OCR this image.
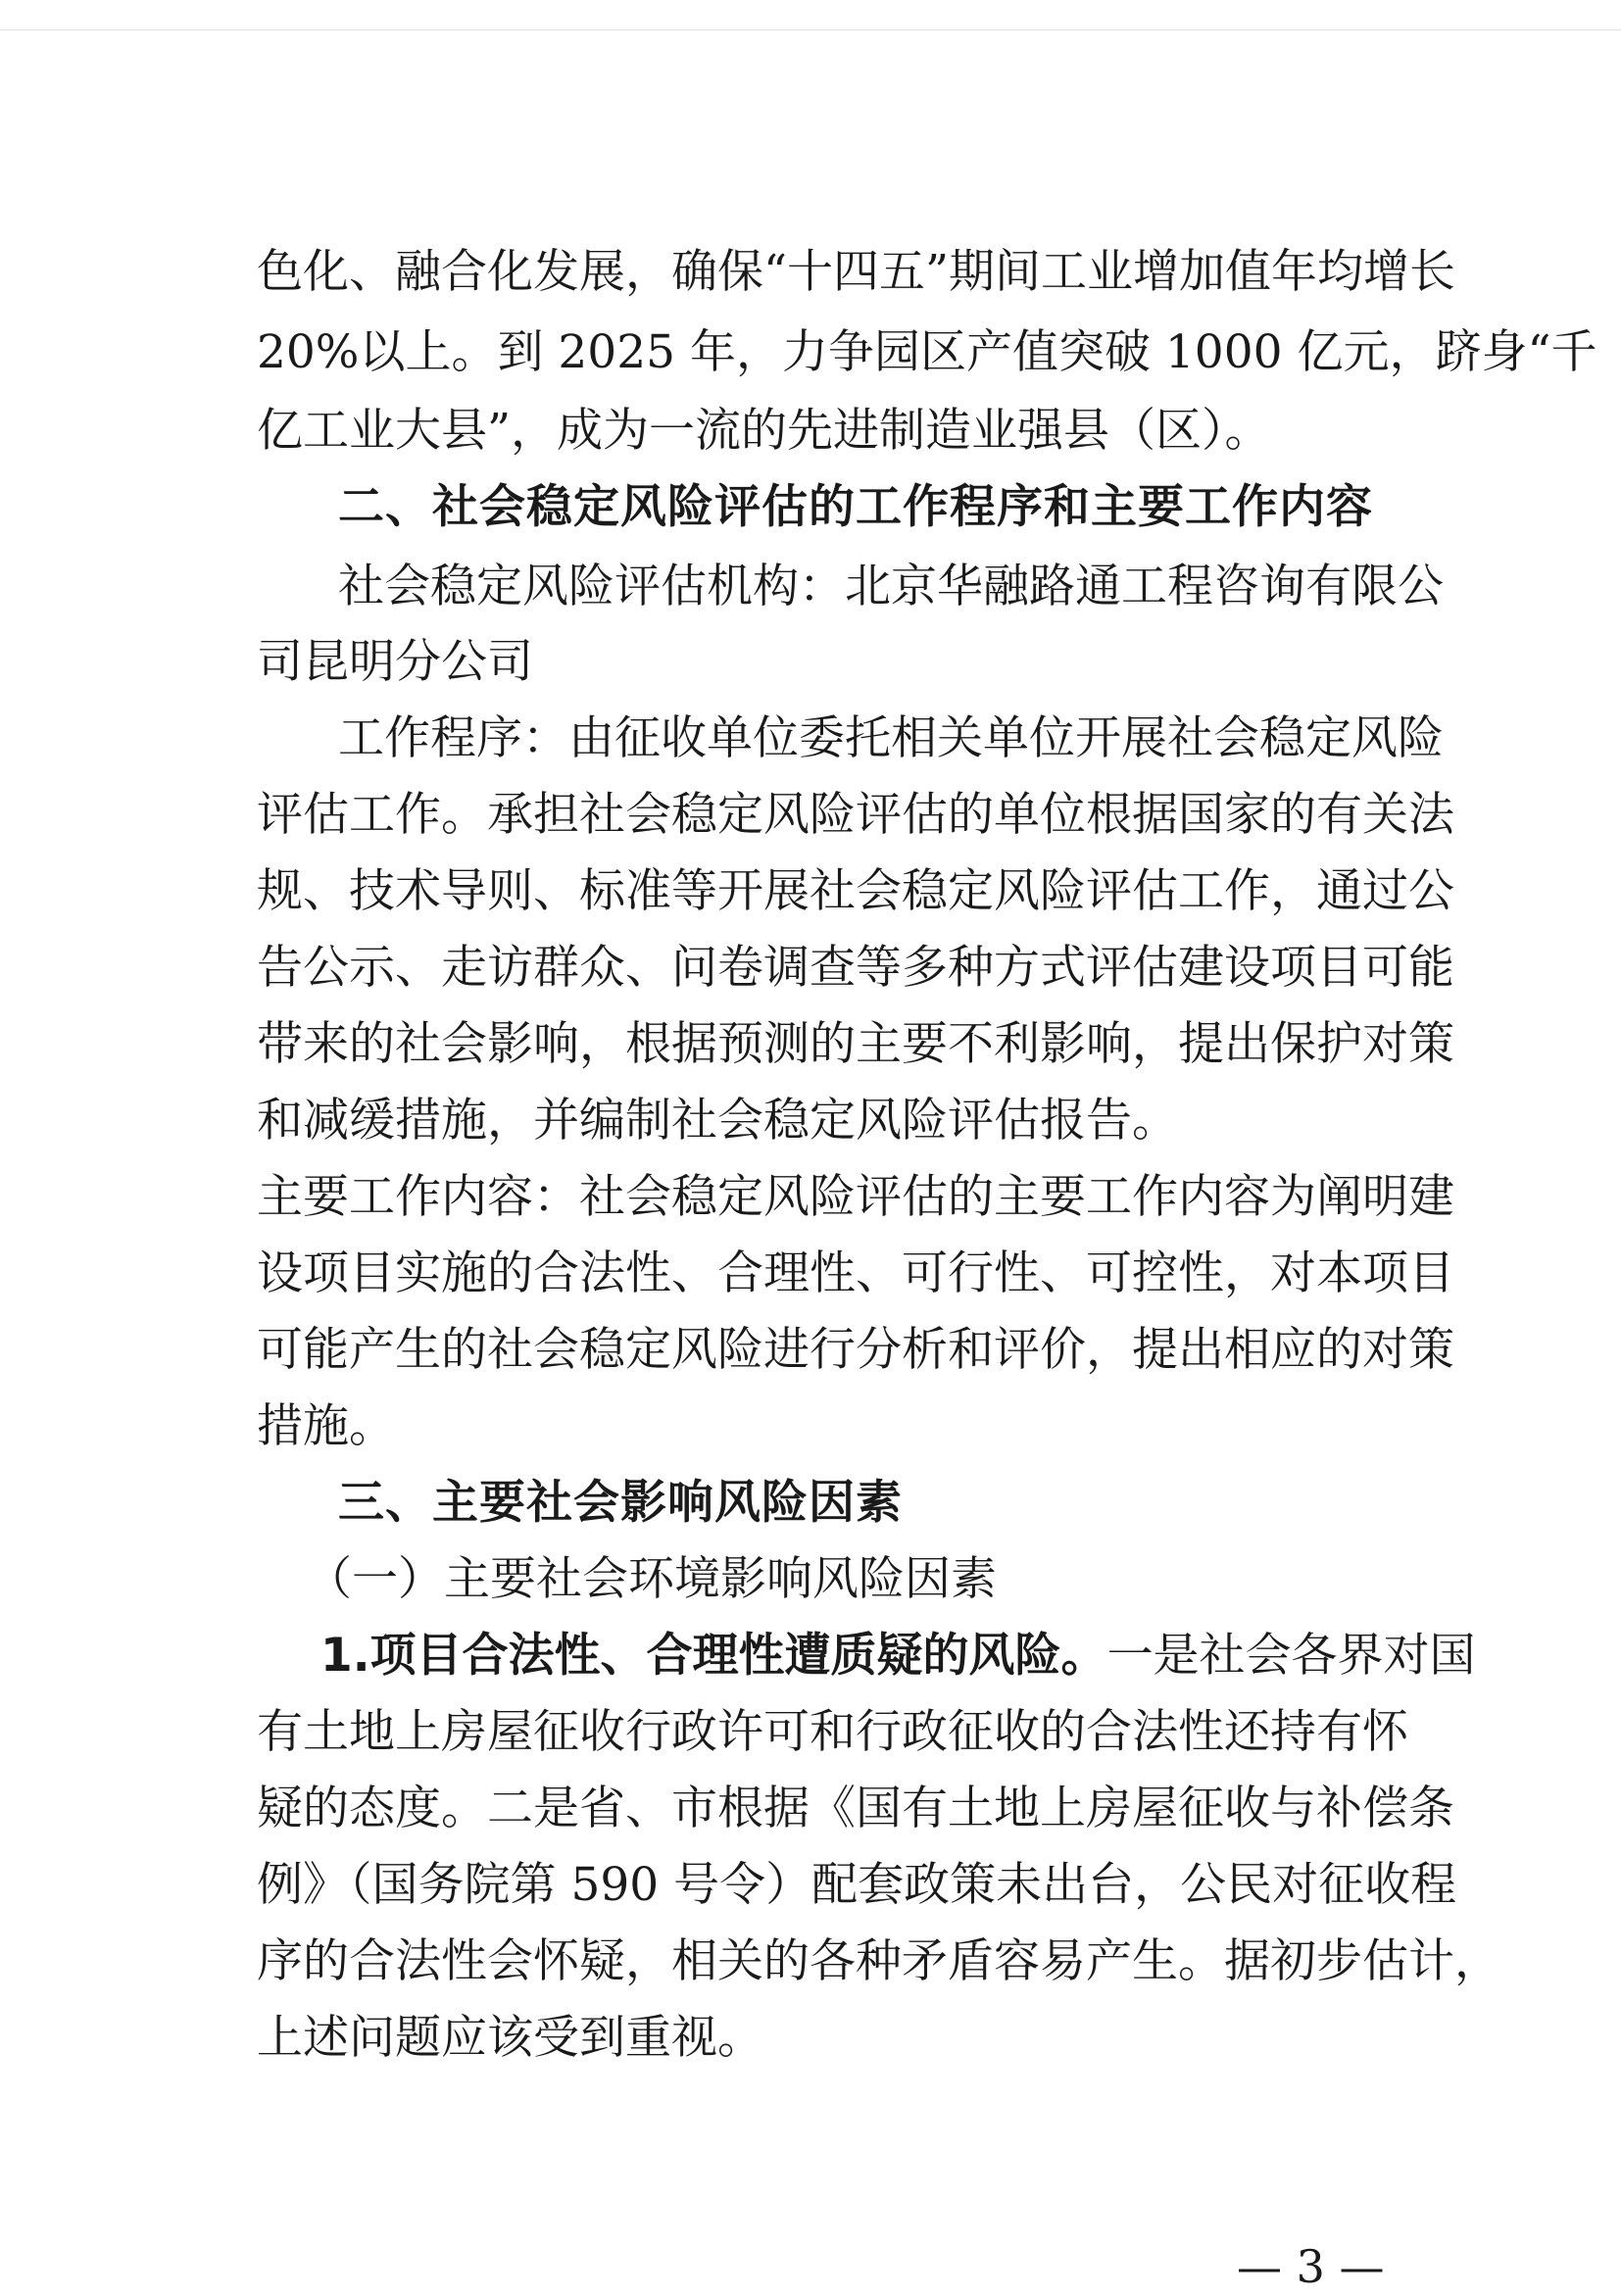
色化、融合化发展，确保“十四五”期间工业增加值年均增长
20%以上。到 2025 年，力争园区产值突破 1000 亿元，跻身“千
亿工业大县”，成为一流的先进制造业强县（区）。
二、社会稳定风险评估的工作程序和主要工作内容
社会稳定风险评估机构：北京华融路通工程咨询有限公
司昆明分公司
工作程序：由征收单位委托相关单位开展社会稳定风险
评估工作。承担社会稳定风险评估的单位根据国家的有关法
规、技术导则、标准等开展社会稳定风险评估工作，通过公
告公示、走访群众、问卷调查等多种方式评估建设项目可能
带来的社会影响，根据预测的主要不利影响，提出保护对策
和减缓措施，并编制社会稳定风险评估报告。
主要工作内容：社会稳定风险评估的主要工作内容为阐明建
设项目实施的合法性、合理性、可行性、可控性，对本项目
可能产生的社会稳定风险进行分析和评价，提出相应的对策
措施。
三、主要社会影响风险因素
（一）主要社会环境影响风险因素
1.项目合法性、合理性遭质疑的风险。一是社会各界对国
有土地上房屋征收行政许可和行政征收的合法性还持有怀
疑的态度。二是省、市根据《国有土地上房屋征收与补偿条
例》（国务院第 590 号令）配套政策未出台，公民对征收程
序的合法性会怀疑，相关的各种矛盾容易产生。据初步估计，
上述问题应该受到重视。
— 3 —
